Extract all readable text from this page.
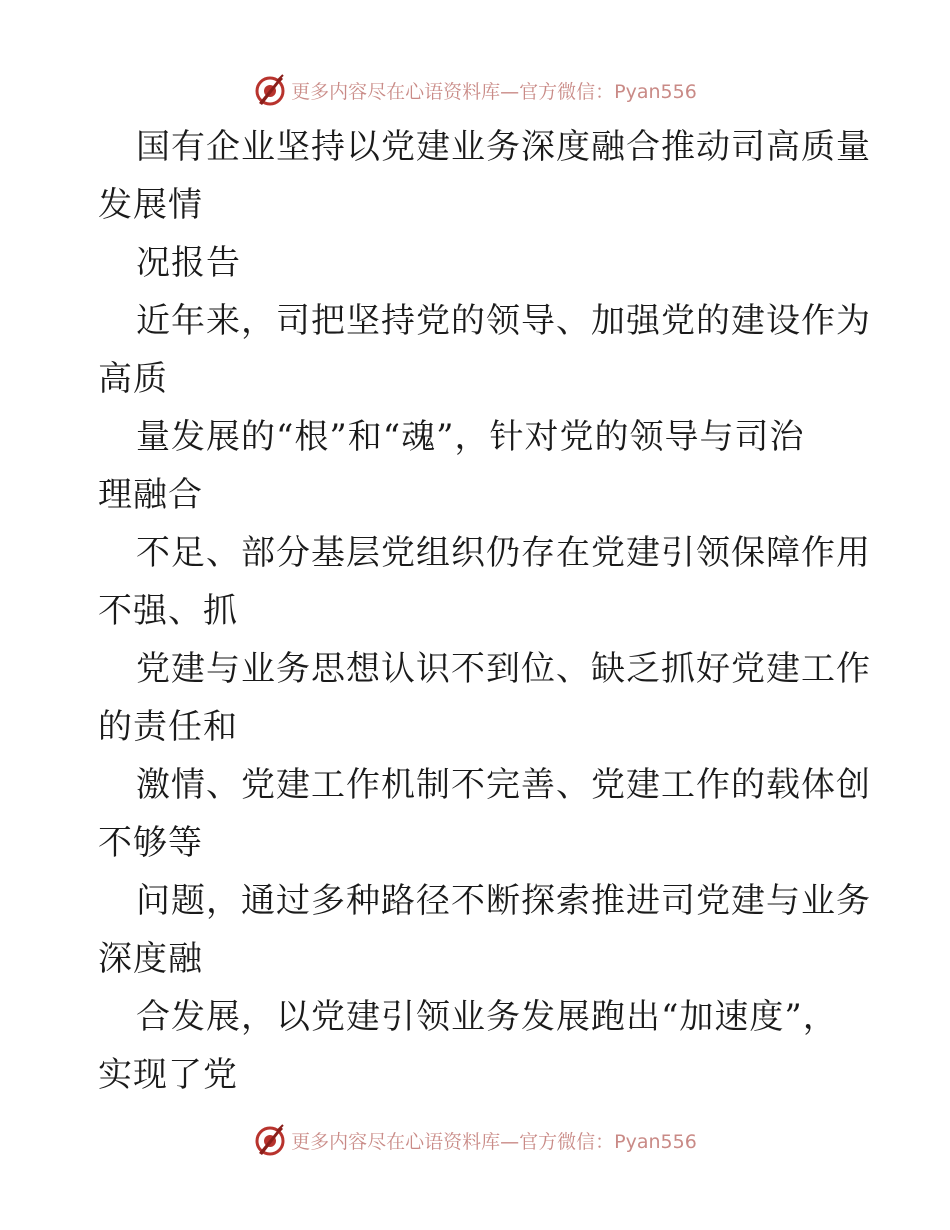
更多内容尽在心语资料库—官方微信：Pyan556
国有企业坚持以党建业务深度融合推动司高质量
发展情
况报告
近年来，司把坚持党的领导、加强党的建设作为
高质
量发展的“根”和“魂”，针对党的领导与司治
理融合
不足、部分基层党组织仍存在党建引领保障作用
不强、抓
党建与业务思想认识不到位、缺乏抓好党建工作
的责任和
激情、党建工作机制不完善、党建工作的载体创
不够等
问题，通过多种路径不断探索推进司党建与业务
深度融
合发展，以党建引领业务发展跑出“加速度”，
实现了党
更多内容尽在心语资料库—官方微信：Pyan556
